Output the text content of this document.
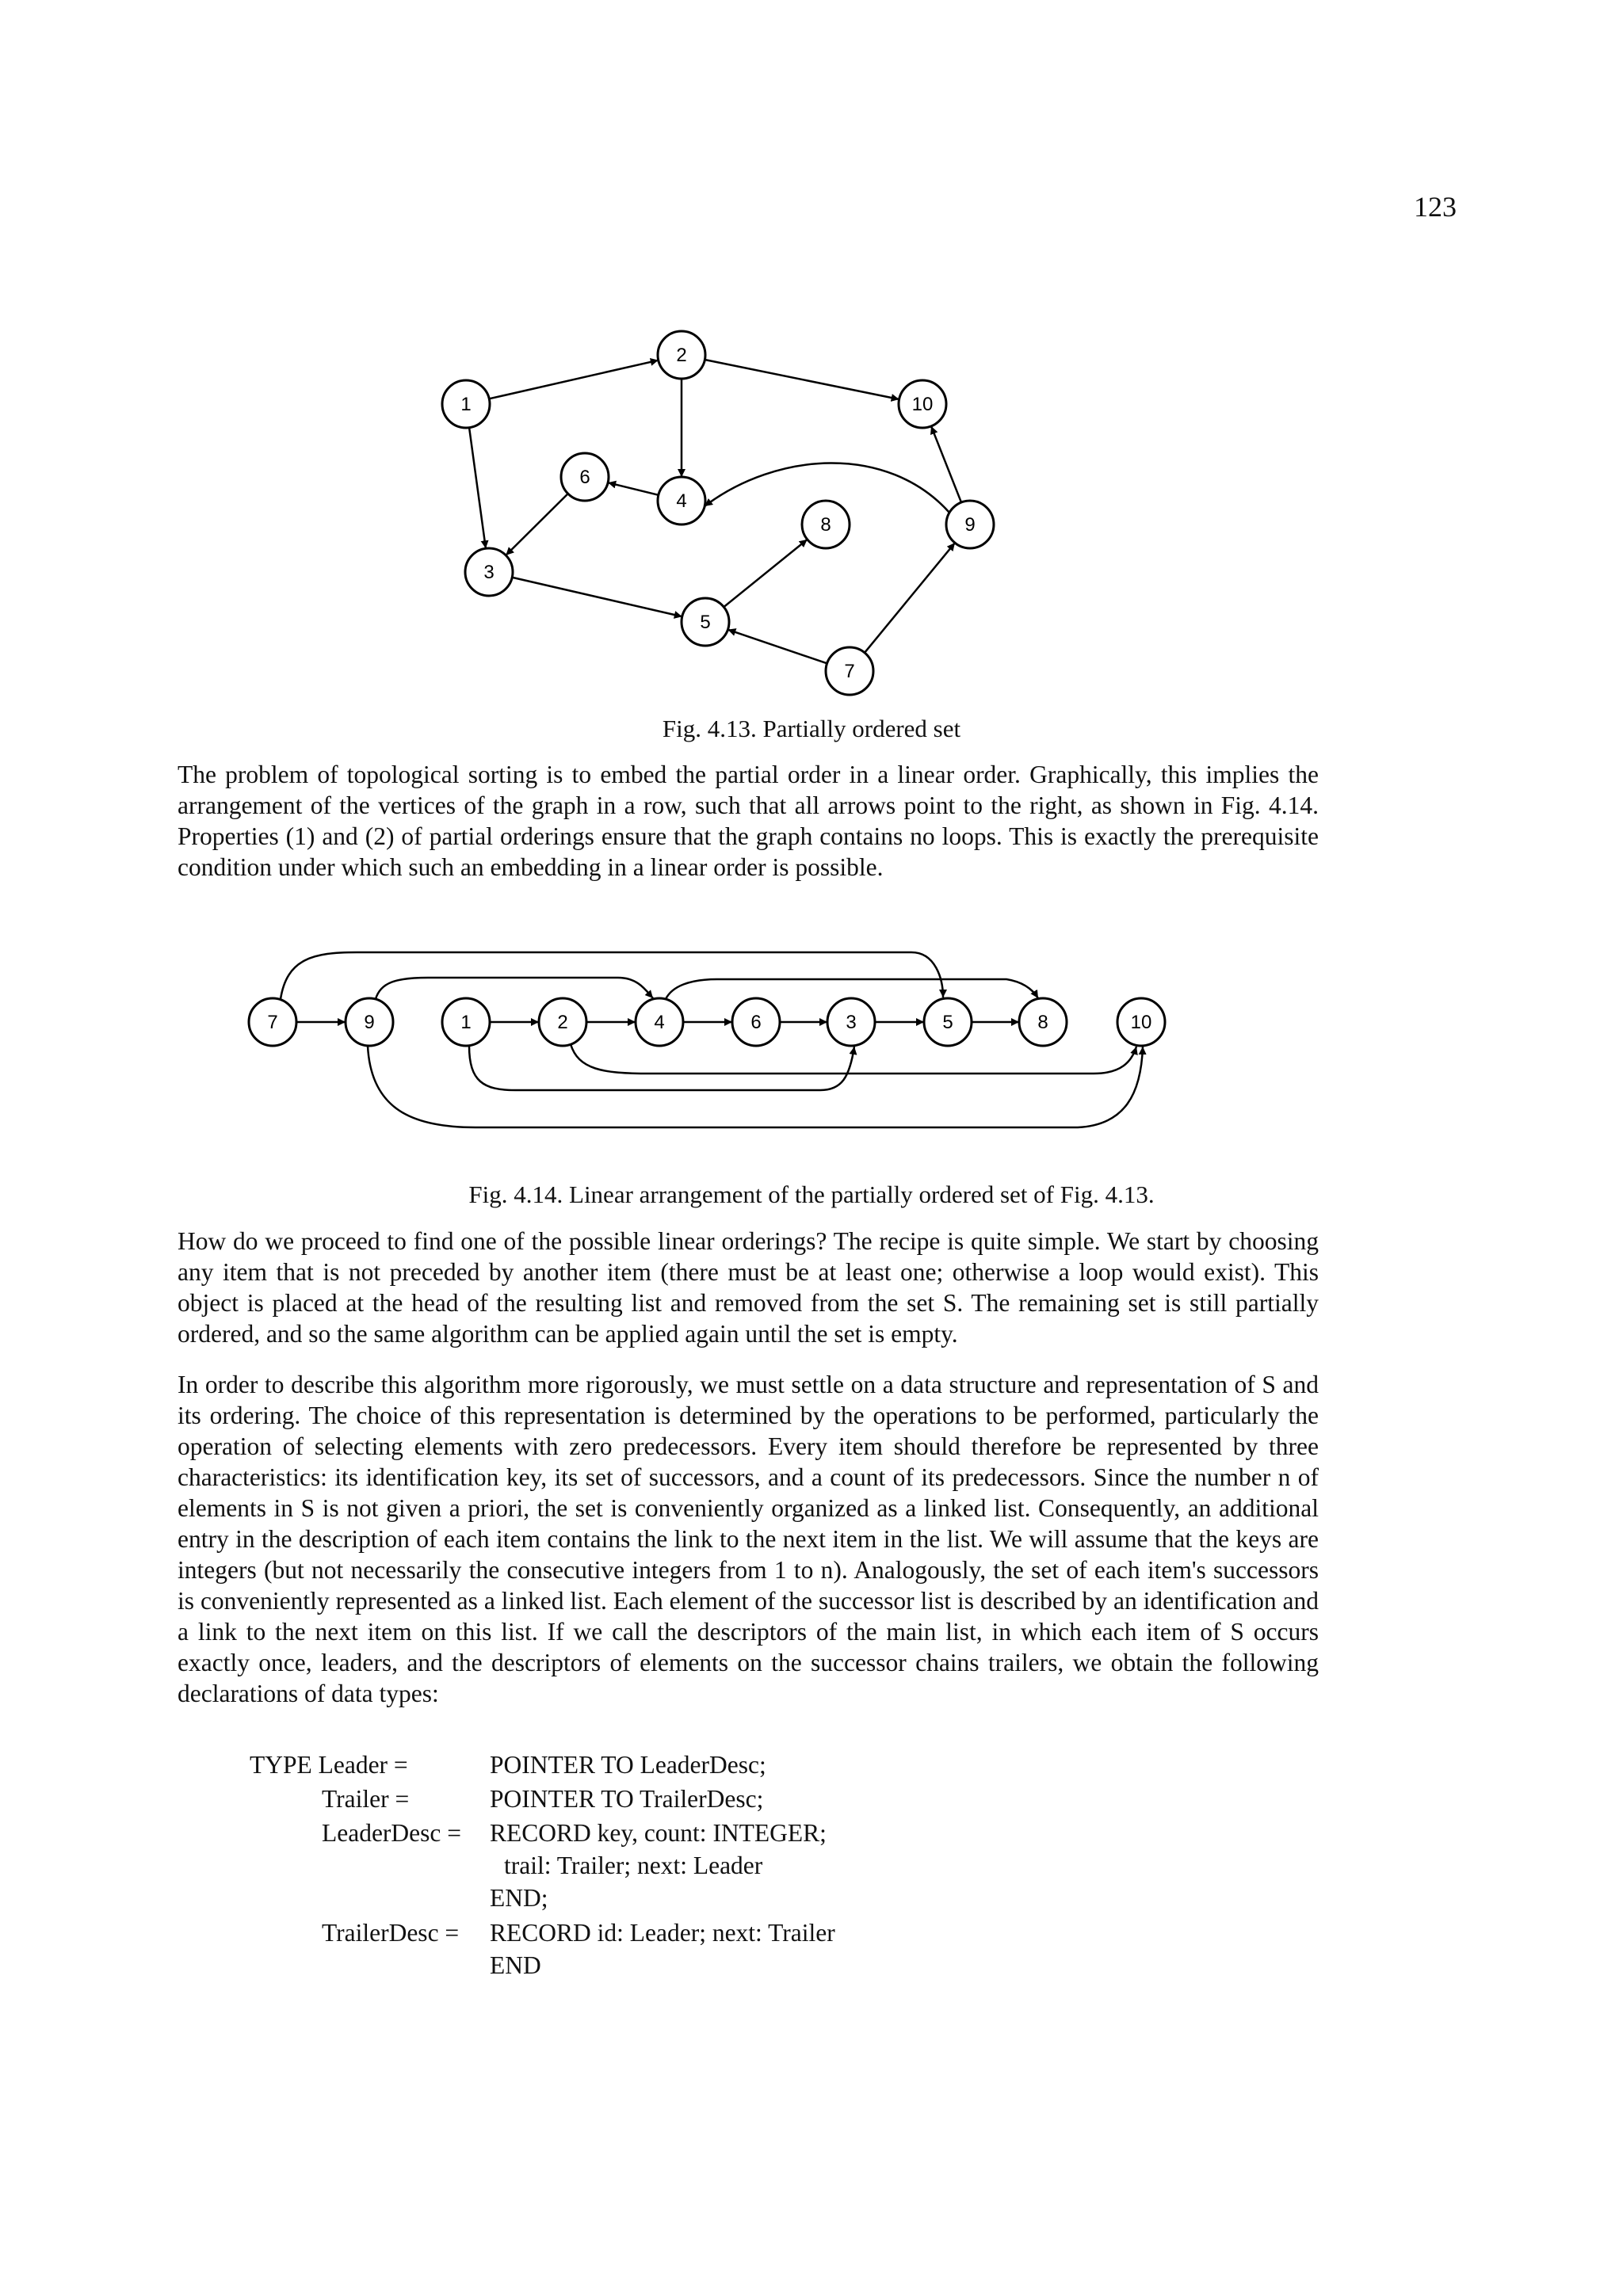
123
1
2
3
4
5
6
7
8	9
10
Fig. 4.13. Partially ordered set

The problem of topological sorting is to embed the partial order in a linear order. Graphically, this implies the arrangement of the vertices of the graph in a row, such that all arrows point to the right, as shown in Fig. 4.14. Properties (1) and (2) of partial orderings ensure that the graph contains no loops. This is exactly the prerequisite condition under which such an embedding in a linear order is possible.

7	9	1	2	4	6	3	5	8	10
Fig. 4.14. Linear arrangement of the partially ordered set of Fig. 4.13.

How do we proceed to find one of the possible linear orderings? The recipe is quite simple. We start by choosing any item that is not preceded by another item (there must be at least one; otherwise a loop would exist). This object is placed at the head of the resulting list and removed from the set S. The remaining set is still partially ordered, and so the same algorithm can be applied again until the set is empty.

In order to describe this algorithm more rigorously, we must settle on a data structure and representation of S and its ordering. The choice of this representation is determined by the operations to be performed, particularly the operation of selecting elements with zero predecessors. Every item should therefore be represented by three characteristics: its identification key, its set of successors, and a count of its predecessors. Since the number n of elements in S is not given a priori, the set is conveniently organized as a linked list. Consequently, an additional entry in the description of each item contains the link to the next item in the list. We will assume that the keys are integers (but not necessarily the consecutive integers from 1 to n). Analogously, the set of each item's successors is conveniently represented as a linked list. Each element of the successor list is described by an identification and a link to the next item on this list. If we call the descriptors of the main list, in which each item of S occurs exactly once, leaders, and the descriptors of elements on the successor chains trailers, we obtain the following declarations of data types:

TYPE Leader =	POINTER TO LeaderDesc;
Trailer =	POINTER TO TrailerDesc;
LeaderDesc = RECORD key, count: INTEGER;
trail: Trailer; next: Leader
END;
TrailerDesc = RECORD id: Leader; next: Trailer
END
